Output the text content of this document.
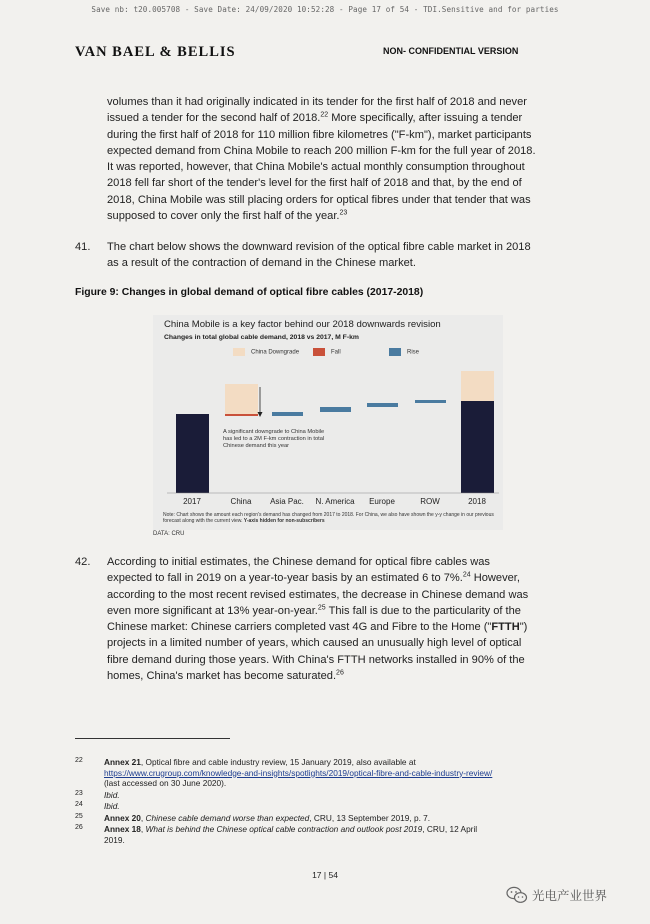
Save nb: t20.005708 - Save Date: 24/09/2020 10:52:28 - Page 17 of 54 - TDI.Sensitive and for parties
VAN BAEL & BELLIS	NON- CONFIDENTIAL VERSION
volumes than it had originally indicated in its tender for the first half of 2018 and never
issued a tender for the second half of 2018.22 More specifically, after issuing a tender
during the first half of 2018 for 110 million fibre kilometres ("F-km"), market participants
expected demand from China Mobile to reach 200 million F-km for the full year of 2018.
It was reported, however, that China Mobile's actual monthly consumption throughout
2018 fell far short of the tender's level for the first half of 2018 and that, by the end of
2018, China Mobile was still placing orders for optical fibres under that tender that was
supposed to cover only the first half of the year.$^{23}$
41. The chart below shows the downward revision of the optical fibre cable market in 2018
as a result of the contraction of demand in the Chinese market.
Figure 9: Changes in global demand of optical fibre cables (2017-2018)
China Mobile is a key factor behind our 2018 downwards revision
Changes in total global cable demand, 2018 vs 2017, M F-km
China Downgrade	Fall	Rise
2017	China Asia Pac. N. America Europe	ROW	2018
A significant downgrade to China Mobile has led to a 2M F-km contraction in total Chinese demand this year
Note: Chart shows the amount each region's demand has changed from 2017 to 2018. For China, we also have shown the y-y change in our previous forecast along with the current view. Y-axis hidden for non-subscribers
DATA: CRU
42. According to initial estimates, the Chinese demand for optical fibre cables was
expected to fall in 2019 on a year-to-year basis by an estimated 6 to 7%.$^{24}$ However,
according to the most recent revised estimates, the decrease in Chinese demand was
even more significant at 13% year-on-year.$^{25}$ This fall is due to the particularity of the
Chinese market: Chinese carriers completed vast 4G and Fibre to the Home ("FTTH")
projects in a limited number of years, which caused an unusually high level of optical
fibre demand during those years. With China's FTTH networks installed in 90% of the
homes, China's market has become saturated.$^{26}$
22	Annex 21, Optical fibre and cable industry review, 15 January 2019, also available at
https://www.crugroup.com/knowledge-and-insights/spotlights/2019/optical-fibre-and-cable-industry-review/
(last accessed on 30 June 2020).
23	Ibid.
24	Ibid.
25	Annex 20, Chinese cable demand worse than expected, CRU, 13 September 2019, p. 7.
26	Annex 18, What is behind the Chinese optical cable contraction and outlook post 2019, CRU, 12 April
2019.
17 | 54
光电产业世界
